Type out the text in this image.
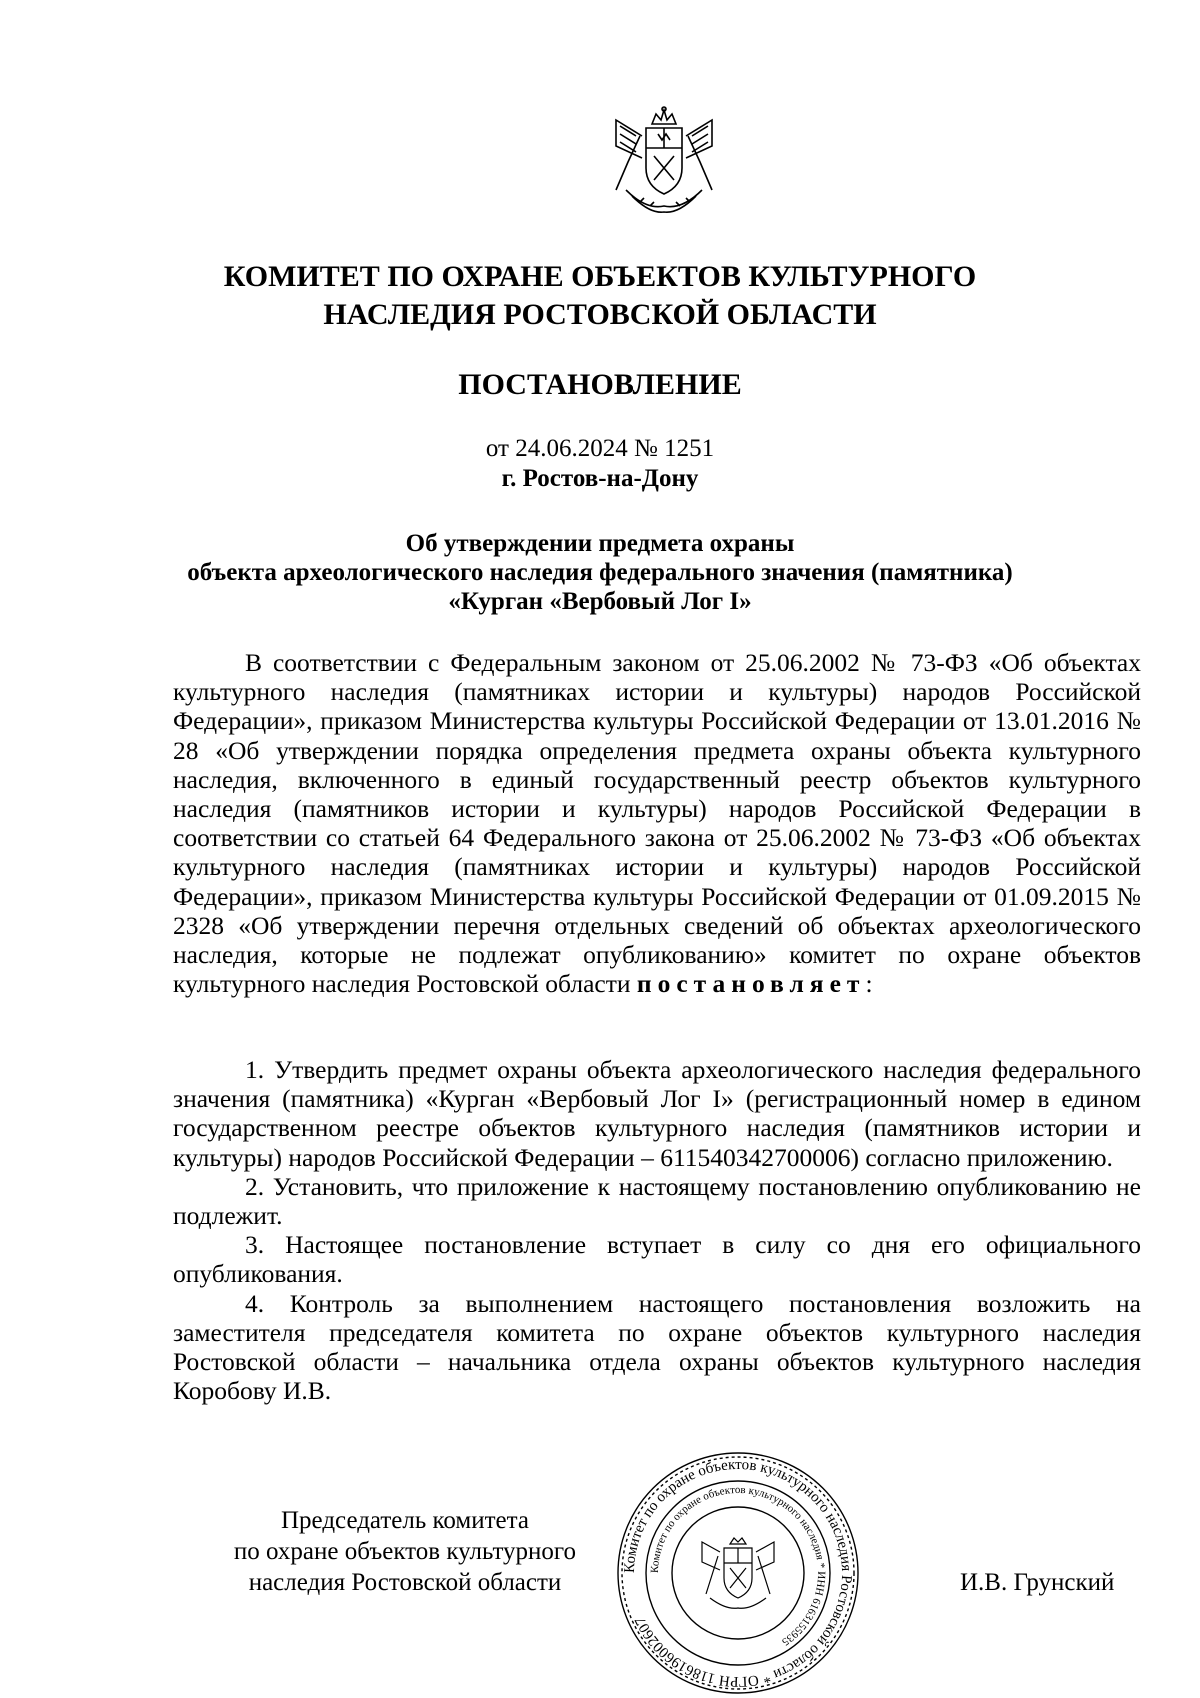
КОМИТЕТ ПО ОХРАНЕ ОБЪЕКТОВ КУЛЬТУРНОГО
НАСЛЕДИЯ РОСТОВСКОЙ ОБЛАСТИ
ПОСТАНОВЛЕНИЕ
от 24.06.2024 № 1251
г. Ростов-на-Дону
Об утверждении предмета охраны
объекта археологического наследия федерального значения (памятника)
«Курган «Вербовый Лог I»

В соответствии с Федеральным законом от 25.06.2002 № 73-ФЗ «Об объектах культурного наследия (памятниках истории и культуры) народов Российской Федерации», приказом Министерства культуры Российской Федерации от 13.01.2016 № 28 «Об утверждении порядка определения предмета охраны объекта культурного наследия, включенного в единый государственный реестр объектов культурного наследия (памятников истории и культуры) народов Российской Федерации в соответствии со статьей 64 Федерального закона от 25.06.2002 № 73-ФЗ «Об объектах культурного наследия (памятниках истории и культуры) народов Российской Федерации», приказом Министерства культуры Российской Федерации от 01.09.2015 № 2328 «Об утверждении перечня отдельных сведений об объектах археологического наследия, которые не подлежат опубликованию» комитет по охране объектов культурного наследия Ростовской области постановляет:

1. Утвердить предмет охраны объекта археологического наследия федерального значения (памятника) «Курган «Вербовый Лог I» (регистрационный номер в едином государственном реестре объектов культурного наследия (памятников истории и культуры) народов Российской Федерации – 611540342700006) согласно приложению.

2. Установить, что приложение к настоящему постановлению опубликованию не подлежит.

3. Настоящее постановление вступает в силу со дня его официального опубликования.

4. Контроль за выполнением настоящего постановления возложить на заместителя председателя комитета по охране объектов культурного наследия Ростовской области – начальника отдела охраны объектов культурного наследия Коробову И.В.

Председатель комитета
по охране объектов культурного
наследия Ростовской области
Комитет по охране объектов культурного наследия Ростовской области * ОГРН 1186196002607
Комитет по охране объектов культурного наследия * ИНН 6163155935
И.В. Грунский
